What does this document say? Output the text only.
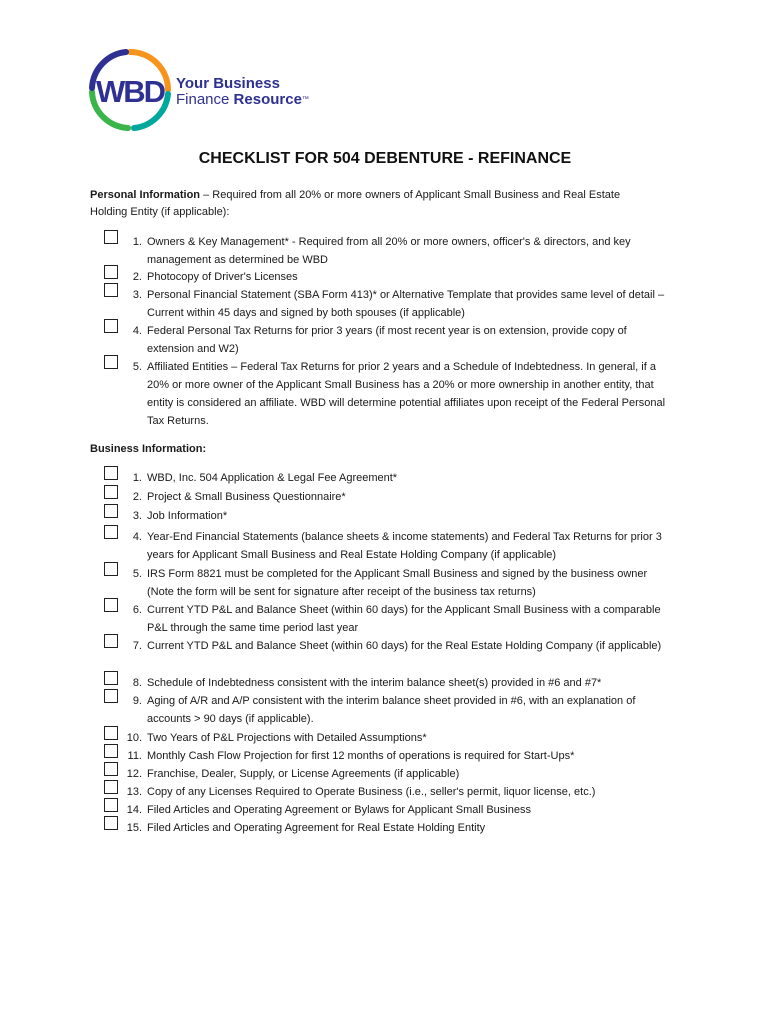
WBD Your Business
Finance Resource™
CHECKLIST FOR 504 DEBENTURE - REFINANCE
Personal Information – Required from all 20% or more owners of Applicant Small Business and Real Estate Holding Entity (if applicable):
1. Owners & Key Management* - Required from all 20% or more owners, officer's & directors, and key management as determined be WBD
2. Photocopy of Driver's Licenses
3. Personal Financial Statement (SBA Form 413)* or Alternative Template that provides same level of detail – Current within 45 days and signed by both spouses (if applicable)
4. Federal Personal Tax Returns for prior 3 years (if most recent year is on extension, provide copy of extension and W2)
5. Affiliated Entities – Federal Tax Returns for prior 2 years and a Schedule of Indebtedness. In general, if a 20% or more owner of the Applicant Small Business has a 20% or more ownership in another entity, that entity is considered an affiliate. WBD will determine potential affiliates upon receipt of the Federal Personal Tax Returns.
Business Information:
1. WBD, Inc. 504 Application & Legal Fee Agreement*
2. Project & Small Business Questionnaire*
3. Job Information*
4. Year-End Financial Statements (balance sheets & income statements) and Federal Tax Returns for prior 3 years for Applicant Small Business and Real Estate Holding Company (if applicable)
5. IRS Form 8821 must be completed for the Applicant Small Business and signed by the business owner (Note the form will be sent for signature after receipt of the business tax returns)
6. Current YTD P&L and Balance Sheet (within 60 days) for the Applicant Small Business with a comparable P&L through the same time period last year
7. Current YTD P&L and Balance Sheet (within 60 days) for the Real Estate Holding Company (if applicable)
8. Schedule of Indebtedness consistent with the interim balance sheet(s) provided in #6 and #7*
9. Aging of A/R and A/P consistent with the interim balance sheet provided in #6, with an explanation of accounts > 90 days (if applicable).
10. Two Years of P&L Projections with Detailed Assumptions*
11. Monthly Cash Flow Projection for first 12 months of operations is required for Start-Ups*
12. Franchise, Dealer, Supply, or License Agreements (if applicable)
13. Copy of any Licenses Required to Operate Business (i.e., seller's permit, liquor license, etc.)
14. Filed Articles and Operating Agreement or Bylaws for Applicant Small Business
15. Filed Articles and Operating Agreement for Real Estate Holding Entity
